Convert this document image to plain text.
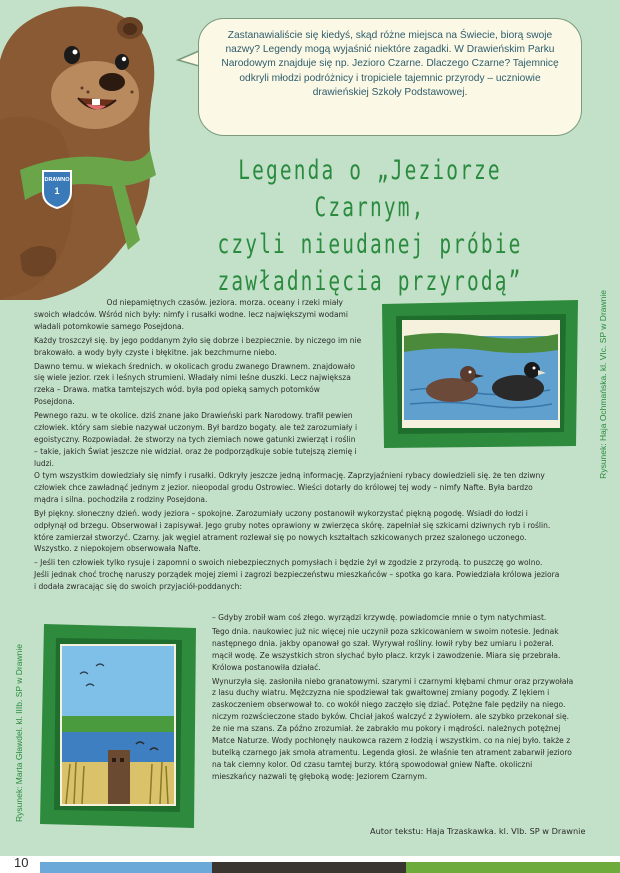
DRAWNO
1

Zastanawialiście się kiedyś, skąd różne miejsca na Świecie, biorą swoje nazwy? Legendy mogą wyjaśnić niektóre zagadki. W Drawieńskim Parku Narodowym znajduje się np. Jezioro Czarne. Dlaczego Czarne? Tajemnicę odkryli młodzi podróżnicy i tropiciele tajemnic przyrody – uczniowie drawieńskiej Szkoły Podstawowej.

Legenda o „Jeziorze Czarnym,
czyli nieudanej próbie
zawładnięcia przyrodą”

Od niepamiętnych czasów. jeziora. morza. oceany i rzeki miały swoich władców. Wśród nich były: nimfy i rusałki wodne. lecz największymi wodami władali potomkowie samego Posejdona.

Każdy troszczył się. by jego poddanym żyło się dobrze i bezpiecznie. by niczego im nie brakowało. a wody były czyste i błękitne. jak bezchmurne niebo.

Dawno temu. w wiekach średnich. w okolicach grodu zwanego Drawnem. znajdowało się wiele jezior. rzek i leśnych strumieni. Władały nimi leśne duszki. Lecz największa rzeka – Drawa. matka tamtejszych wód. była pod opieką samych potomków Posejdona.

Pewnego razu. w te okolice. dziś znane jako Drawieński park Narodowy. trafił pewien człowiek. który sam siebie nazywał uczonym. Był bardzo bogaty. ale też zarozumiały i egoistyczny. Rozpowiadał. że stworzy na tych ziemiach nowe gatunki zwierząt i roślin – takie, jakich Świat jeszcze nie widział. oraz że podporządkuje sobie tutejszą ziemię i ludzi.

O tym wszystkim dowiedziały się nimfy i rusałki. Odkryły jeszcze jedną informację. Zaprzyjaźnieni rybacy dowiedzieli się. że ten dziwny człowiek chce zawładnąć jednym z jezior. nieopodal grodu Ostrowiec. Wieści dotarły do królowej tej wody – nimfy Nafte. Była bardzo mądra i silna. pochodziła z rodziny Posejdona.

Był piękny. słoneczny dzień. wody jeziora – spokojne. Zarozumiały uczony postanowił wykorzystać piękną pogodę. Wsiadł do łodzi i odpłynął od brzegu. Obserwował i zapisywał. Jego gruby notes oprawiony w zwierzęca skórę. zapełniał się szkicami dziwnych ryb i roślin. które zamierzał stworzyć. Czarny. jak węgiel atrament rozlewał się po nowych kształtach szkicowanych przez szalonego uczonego. Wszystko. z niepokojem obserwowała Nafte.

– Jeśli ten człowiek tylko rysuje i zapomni o swoich niebezpiecznych pomysłach i będzie żył w zgodzie z przyrodą. to puszczę go wolno. Jeśli jednak choć trochę naruszy porządek mojej ziemi i zagrozi bezpieczeństwu mieszkańców – spotka go kara. Powiedziała królowa jeziora i dodała zwracając się do swoich przyjaciół-poddanych:

– Gdyby zrobił wam coś złego. wyrządzi krzywdę. powiadomcie mnie o tym natychmiast.

Tego dnia. naukowiec już nic więcej nie uczynił poza szkicowaniem w swoim notesie. Jednak następnego dnia. jakby opanował go szał. Wyrywał rośliny. łowił ryby bez umiaru i pożerał. mącił wodę. Ze wszystkich stron słychać było płacz. krzyk i zawodzenie. Miara się przebrała. Królowa postanowiła działać.

Wynurzyła się. zasłoniła niebo granatowymi. szarymi i czarnymi kłębami chmur oraz przywołała z lasu duchy wiatru. Mężczyzna nie spodziewał tak gwałtownej zmiany pogody. Z lękiem i zaskoczeniem obserwował to. co wokół niego zaczęło się dziać. Potężne fale pędziły na niego. niczym rozwścieczone stado byków. Chciał jakoś walczyć z żywiołem. ale szybko przekonał się. że nie ma szans. Za późno zrozumiał. że zabrakło mu pokory i mądrości. należnych potężnej Matce Naturze. Wody pochłonęły naukowca razem z łodzią i wszystkim. co na niej było. także z butelką czarnego jak smoła atramentu. Legenda głosi. że właśnie ten atrament zabarwił jezioro na tak ciemny kolor. Od czasu tamtej burzy. którą spowodował gniew Nafte. okoliczni mieszkańcy nazwali tę głęboką wodę: Jeziorem Czarnym.

Autor tekstu: Haja Trzaskawka. kl. VIb. SP w Drawnie
Rysunek: Haja Ochmańska. kl. VIc. SP w Drawnie
Rysunek: Marta Gławdel. kl. IIIb. SP w Drawnie
10
